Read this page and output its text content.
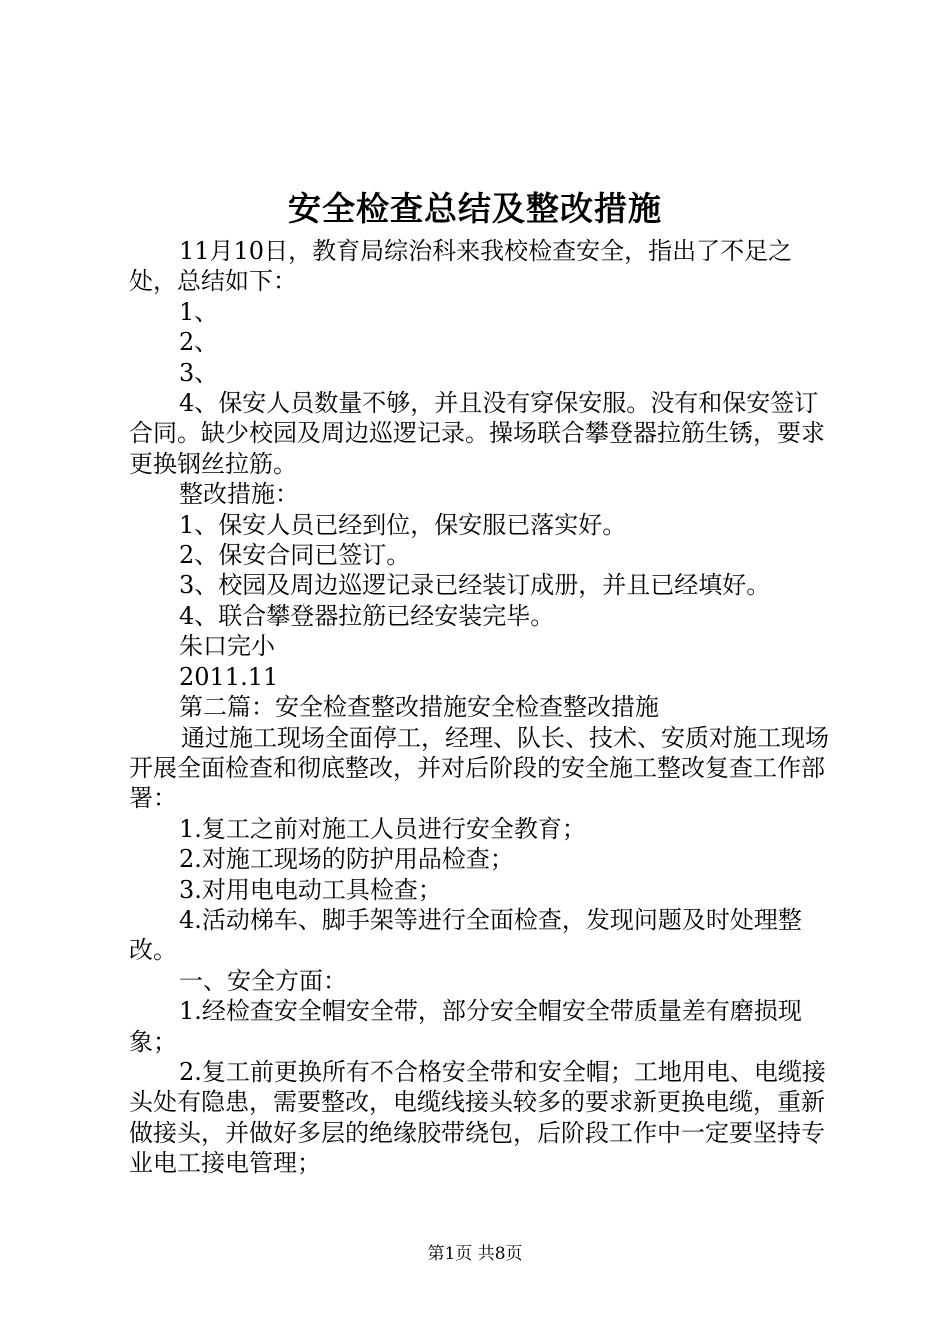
安全检查总结及整改措施

11月10日，教育局综治科来我校检查安全，指出了不足之处，总结如下：

1、

2、

3、

4、保安人员数量不够，并且没有穿保安服。没有和保安签订合同。缺少校园及周边巡逻记录。操场联合攀登器拉筋生锈，要求更换钢丝拉筋。

整改措施：

1、保安人员已经到位，保安服已落实好。

2、保安合同已签订。

3、校园及周边巡逻记录已经装订成册，并且已经填好。

4、联合攀登器拉筋已经安装完毕。

朱口完小

2011.11

第二篇：安全检查整改措施安全检查整改措施

通过施工现场全面停工，经理、队长、技术、安质对施工现场开展全面检查和彻底整改，并对后阶段的安全施工整改复查工作部署：

1.复工之前对施工人员进行安全教育；

2.对施工现场的防护用品检查；

3.对用电电动工具检查；

4.活动梯车、脚手架等进行全面检查，发现问题及时处理整改。

一、安全方面：

1.经检查安全帽安全带，部分安全帽安全带质量差有磨损现象；

2.复工前更换所有不合格安全带和安全帽；工地用电、电缆接头处有隐患，需要整改，电缆线接头较多的要求新更换电缆，重新做接头，并做好多层的绝缘胶带绕包，后阶段工作中一定要坚持专业电工接电管理；

第1页 共8页
